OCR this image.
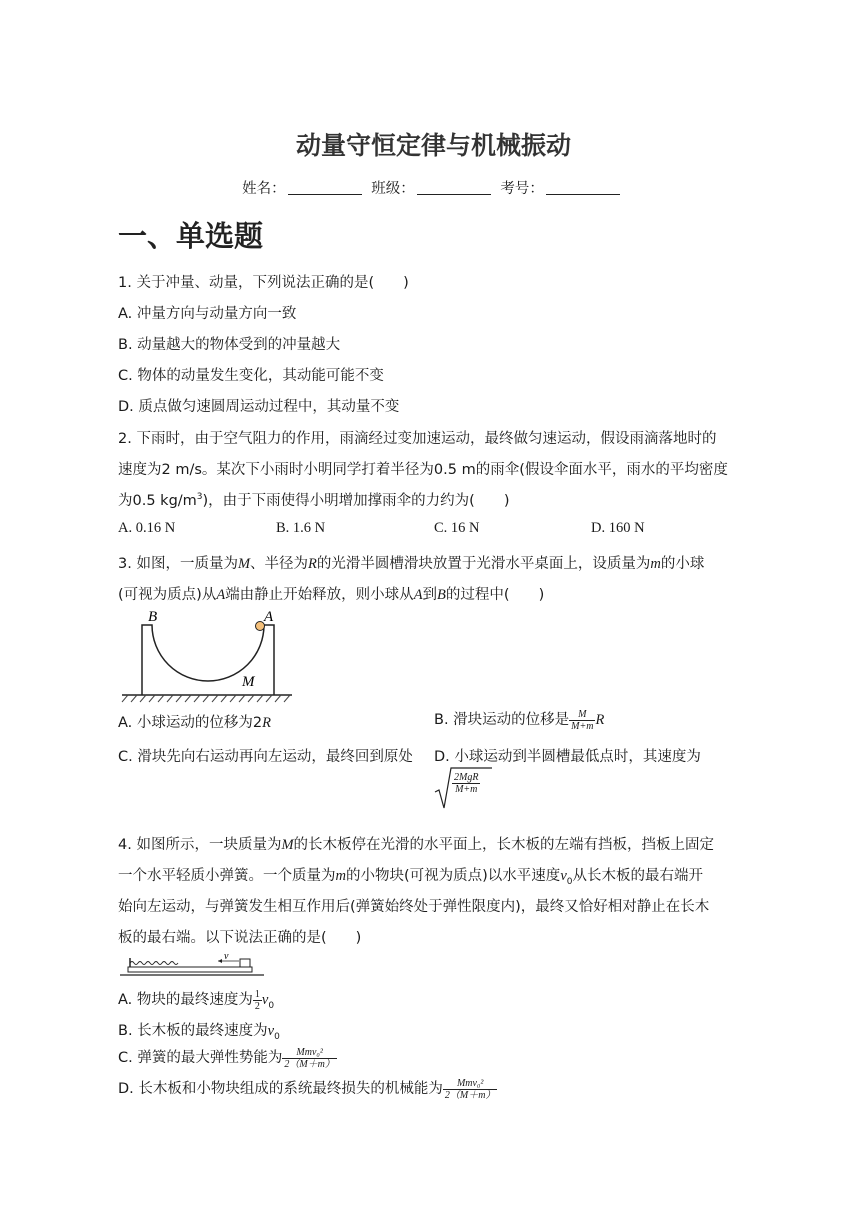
动量守恒定律与机械振动
姓名：	班级：	考号：
一、单选题
1. 关于冲量、动量，下列说法正确的是(　　)
A. 冲量方向与动量方向一致
B. 动量越大的物体受到的冲量越大
C. 物体的动量发生变化，其动能可能不变
D. 质点做匀速圆周运动过程中，其动量不变
2. 下雨时，由于空气阻力的作用，雨滴经过变加速运动，最终做匀速运动，假设雨滴落地时的
速度为2 m/s。某次下小雨时小明同学打着半径为0.5 m的雨伞(假设伞面水平，雨水的平均密度
为0.5 $kg/m^3$)，由于下雨使得小明增加撑雨伞的力约为(　　)
A. 0.16 N	B. 1.6 N	C. 16 N	D. 160 N
3. 如图，一质量为M、半径为R的光滑半圆槽滑块放置于光滑水平桌面上，设质量为m的小球
(可视为质点)从A端由静止开始释放，则小球从A到B的过程中(　　)
B	A
M
A. 小球运动的位移为2R	B. 滑块运动的位移是 $\frac{M}{M+m}$ R
C. 滑块先向右运动再向左运动，最终回到原处 D. 小球运动到半圆槽最低点时，其速度为
2MgR
M+m
4. 如图所示，一块质量为M的长木板停在光滑的水平面上，长木板的左端有挡板，挡板上固定
一个水平轻质小弹簧。一个质量为m的小物块(可视为质点)以水平速度$v_0$从长木板的最右端开
始向左运动，与弹簧发生相互作用后(弹簧始终处于弹性限度内)，最终又恰好相对静止在长木
板的最右端。以下说法正确的是(　　)
v
A. 物块的最终速度为 $\frac{1}{2} v_0$
B. 长木板的最终速度为$v_0$
C. 弹簧的最大弹性势能为 $\frac{\text{Mmv₀²}}{2(M+m)}$
D. 长木板和小物块组成的系统最终损失的机械能为 $\frac{\text{Mmv₀²}}{2(M+m)}$
